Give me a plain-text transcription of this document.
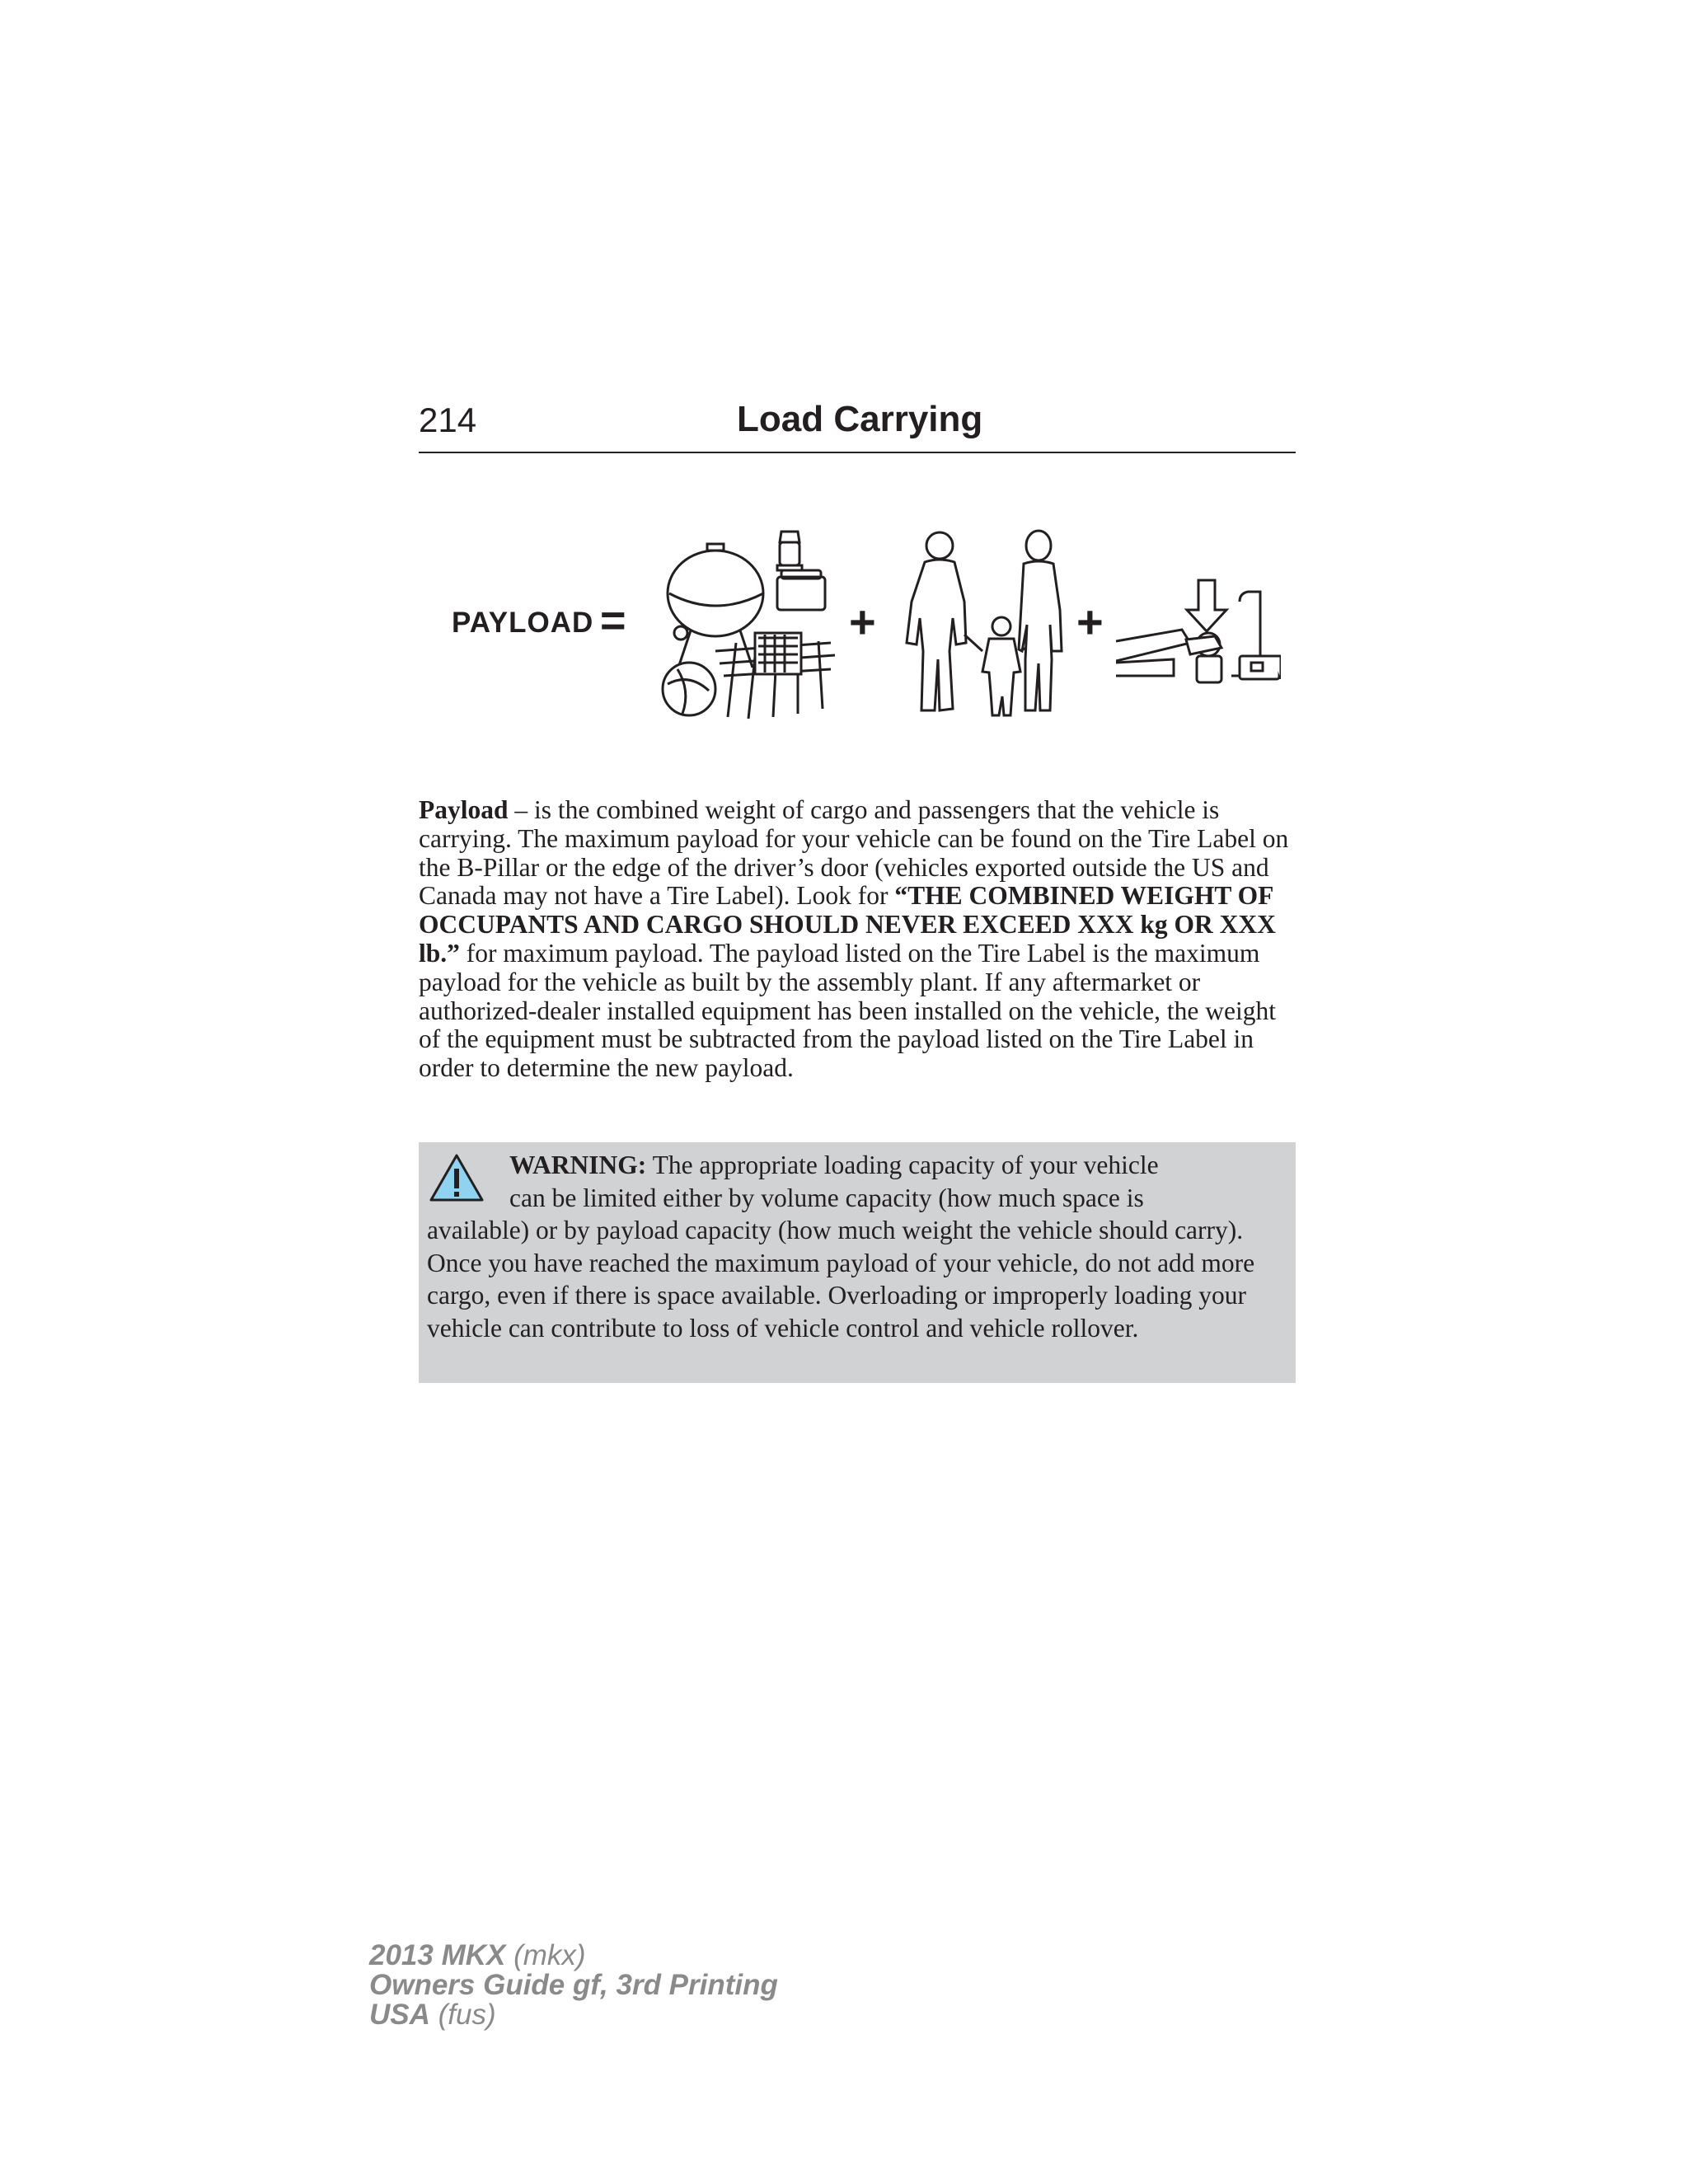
214	Load Carrying
PAYLOAD =	+	+

Payload – is the combined weight of cargo and passengers that the vehicle is carrying. The maximum payload for your vehicle can be found on the Tire Label on the B-Pillar or the edge of the driver’s door (vehicles exported outside the US and Canada may not have a Tire Label). Look for “THE COMBINED WEIGHT OF OCCUPANTS AND CARGO SHOULD NEVER EXCEED XXX kg OR XXX lb.” for maximum payload. The payload listed on the Tire Label is the maximum payload for the vehicle as built by the assembly plant. If any aftermarket or authorized-dealer installed equipment has been installed on the vehicle, the weight of the equipment must be subtracted from the payload listed on the Tire Label in order to determine the new payload.

WARNING: The appropriate loading capacity of your vehicle
can be limited either by volume capacity (how much space is
available) or by payload capacity (how much weight the vehicle should carry). Once you have reached the maximum payload of your vehicle, do not add more cargo, even if there is space available. Overloading or improperly loading your vehicle can contribute to loss of vehicle control and vehicle rollover.
2013 MKX (mkx)
Owners Guide gf, 3rd Printing
USA (fus)
